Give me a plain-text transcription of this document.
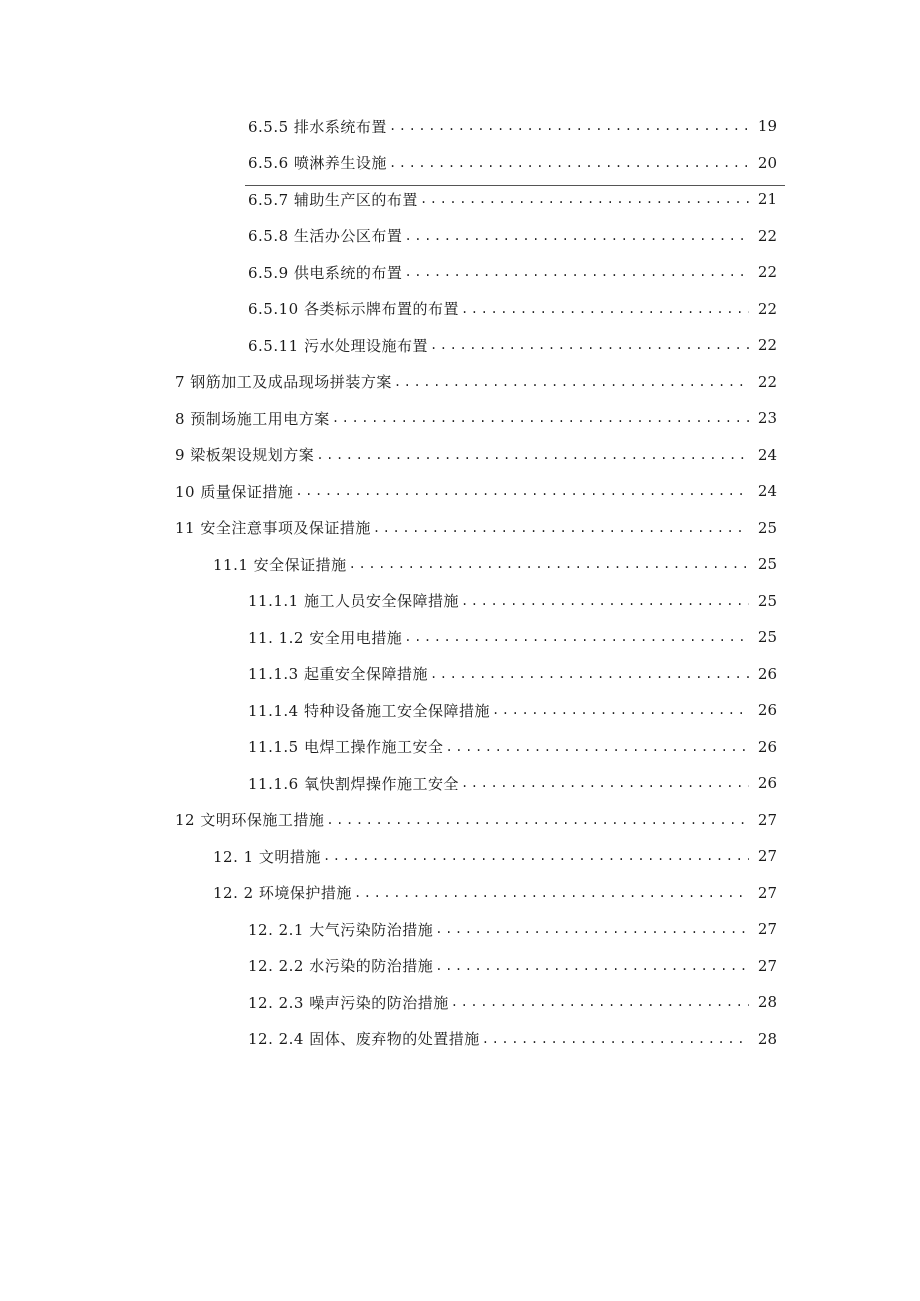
6.5.5 排水系统布置 .....	19
6.5.6 喷淋养生设施 .....	20
6.5.7 辅助生产区的布置 .....	21
6.5.8 生活办公区布置 .....	22
6.5.9 供电系统的布置 .....	22
6.5.10 各类标示牌布置的布置 .....	22
6.5.11 污水处理设施布置 .....	22
7 钢筋加工及成品现场拼装方案 .....	22
8 预制场施工用电方案 .....	23
9 梁板架设规划方案 .....	24
10 质量保证措施 .....	24
11 安全注意事项及保证措施 .....	25
11.1 安全保证措施 .....	25
11.1.1 施工人员安全保障措施 .....	25
11. 1.2 安全用电措施 .....	25
11.1.3 起重安全保障措施 .....	26
11.1.4 特种设备施工安全保障措施 .....	26
11.1.5 电焊工操作施工安全 .....	26
11.1.6 氧快割焊操作施工安全 .....	26
12 文明环保施工措施 .....	27
12. 1 文明措施 .....	27
12. 2 环境保护措施 .....	27
12. 2.1 大气污染防治措施 .....	27
12. 2.2 水污染的防治措施 .....	27
12. 2.3 噪声污染的防治措施 .....	28
12. 2.4 固体、废弃物的处置措施 .....	28
